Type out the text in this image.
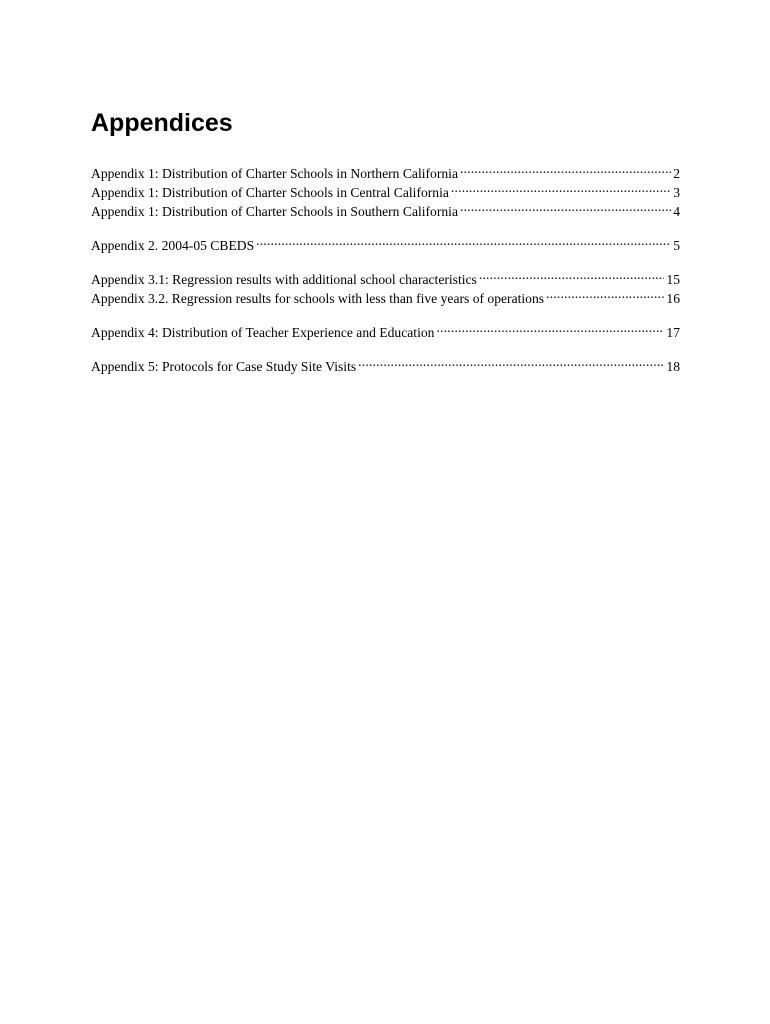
Appendices
Appendix 1: Distribution of Charter Schools in Northern California .....	2
Appendix 1: Distribution of Charter Schools in Central California .....	3
Appendix 1: Distribution of Charter Schools in Southern California .....	4
Appendix 2. 2004-05 CBEDS .....	5
Appendix 3.1: Regression results with additional school characteristics .....	15
Appendix 3.2. Regression results for schools with less than five years of operations .....	16
Appendix 4: Distribution of Teacher Experience and Education .....	17
Appendix 5: Protocols for Case Study Site Visits .....	18
